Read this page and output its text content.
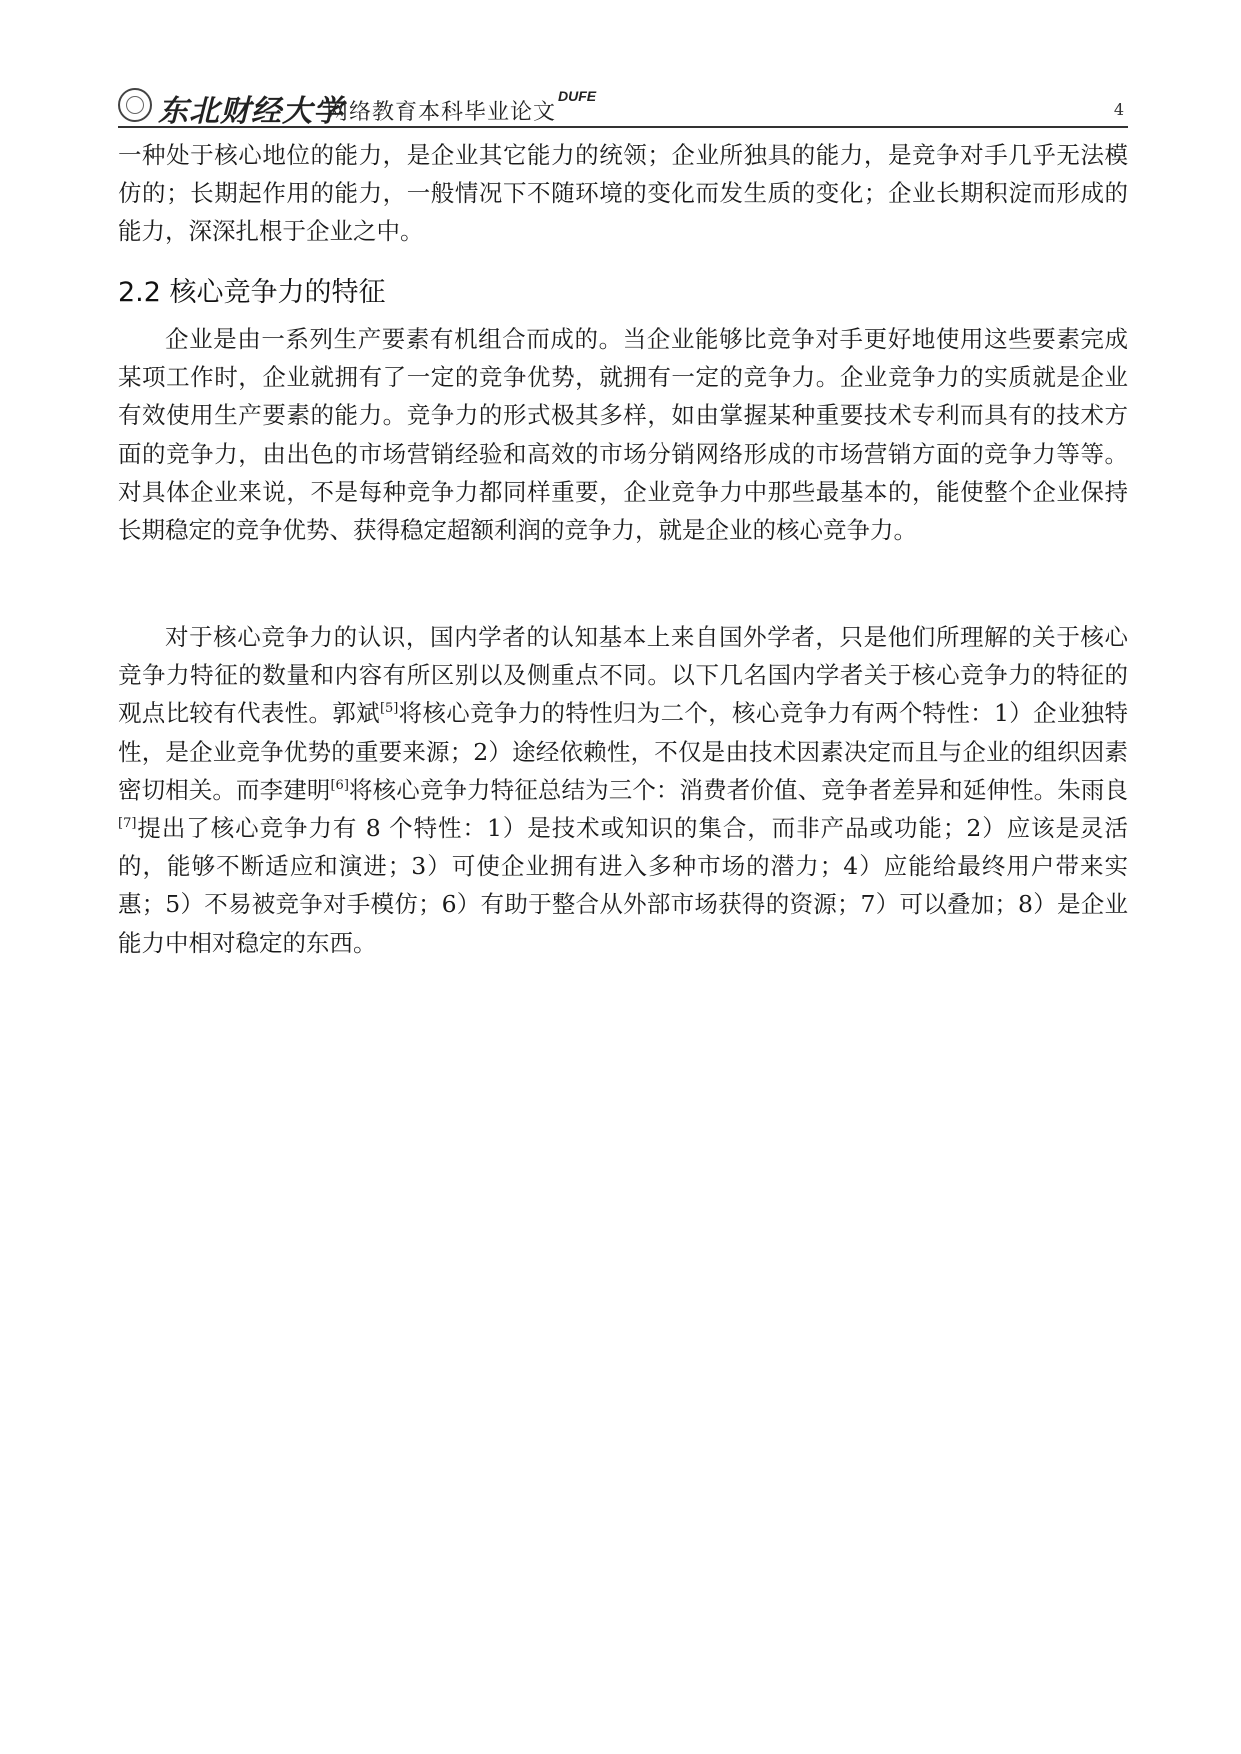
东北财经大学
网络教育本科毕业论文
DUFE
4
一种处于核心地位的能力，是企业其它能力的统领；企业所独具的能力，是竞争对手几乎无法模仿的；长期起作用的能力，一般情况下不随环境的变化而发生质的变化；企业长期积淀而形成的能力，深深扎根于企业之中。
2.2 核心竞争力的特征
企业是由一系列生产要素有机组合而成的。当企业能够比竞争对手更好地使用这些要素完成某项工作时，企业就拥有了一定的竞争优势，就拥有一定的竞争力。企业竞争力的实质就是企业有效使用生产要素的能力。竞争力的形式极其多样，如由掌握某种重要技术专利而具有的技术方面的竞争力，由出色的市场营销经验和高效的市场分销网络形成的市场营销方面的竞争力等等。对具体企业来说，不是每种竞争力都同样重要，企业竞争力中那些最基本的，能使整个企业保持长期稳定的竞争优势、获得稳定超额利润的竞争力，就是企业的核心竞争力。
对于核心竞争力的认识，国内学者的认知基本上来自国外学者，只是他们所理解的关于核心竞争力特征的数量和内容有所区别以及侧重点不同。以下几名国内学者关于核心竞争力的特征的观点比较有代表性。郭斌[5]将核心竞争力的特性归为二个，核心竞争力有两个特性：1）企业独特性，是企业竞争优势的重要来源；2）途经依赖性，不仅是由技术因素决定而且与企业的组织因素密切相关。而李建明[6]将核心竞争力特征总结为三个：消费者价值、竞争者差异和延伸性。朱雨良[7]提出了核心竞争力有 8 个特性：1）是技术或知识的集合，而非产品或功能；2）应该是灵活的，能够不断适应和演进；3）可使企业拥有进入多种市场的潜力；4）应能给最终用户带来实惠；5）不易被竞争对手模仿；6）有助于整合从外部市场获得的资源；7）可以叠加；8）是企业能力中相对稳定的东西。
